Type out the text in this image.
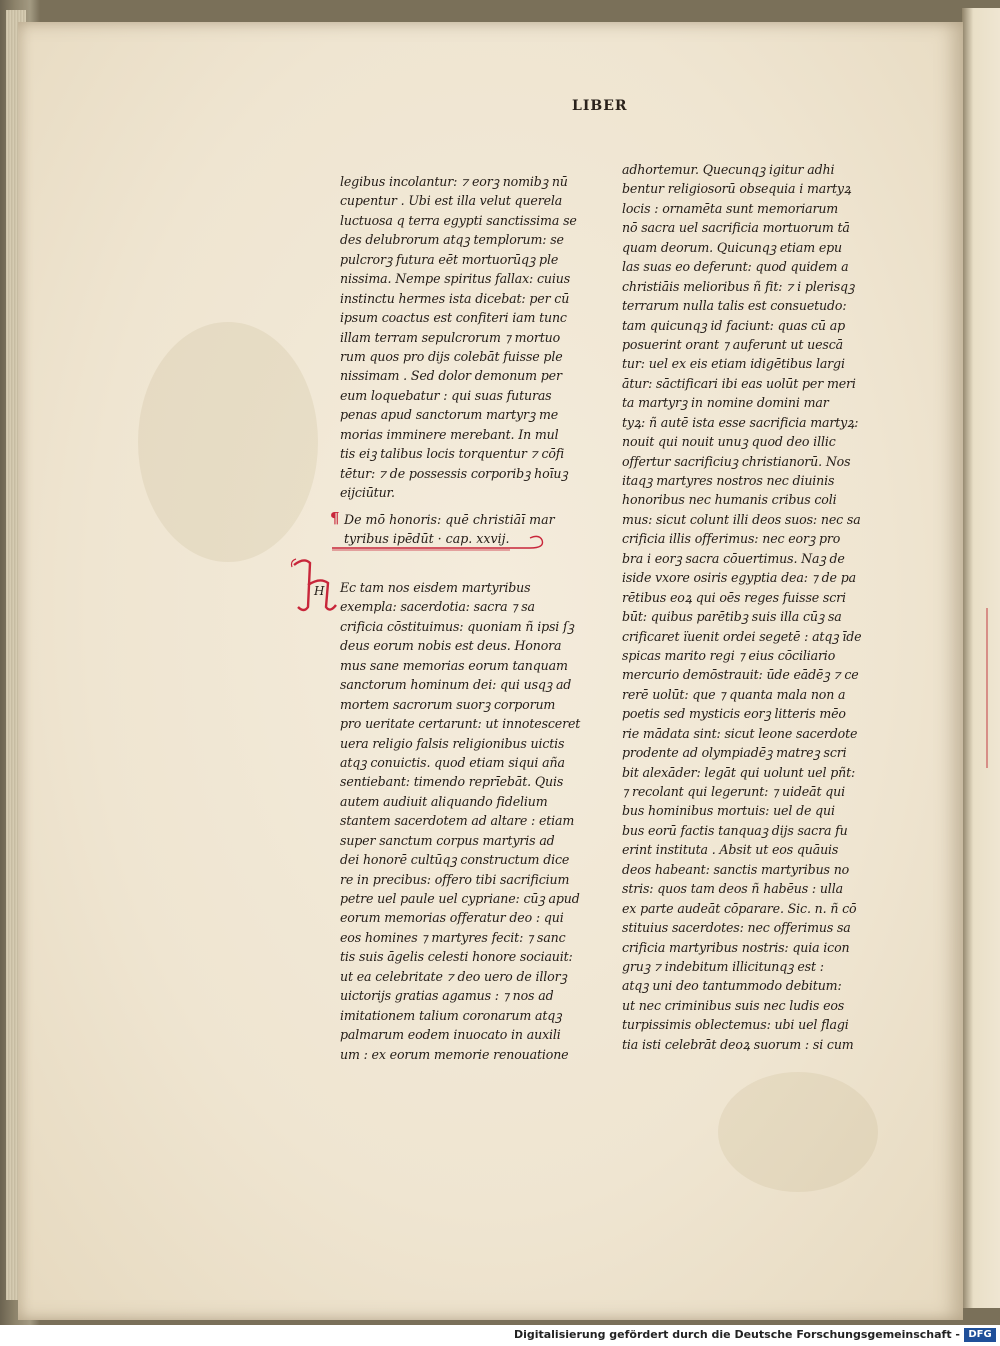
LIBER
legibus incolantur: ⁊ eorꝫ nomibꝫ nū
cupentur . Ubi est illa velut querela
luctuosa q terra egypti sanctissima se
des delubrorum atqꝫ templorum: se
pulcrorꝫ futura eēt mortuorūqꝫ ple
nissima. Nempe spiritus fallax: cuius
instinctu hermes ista dicebat: per cū
ipsum coactus est confiteri iam tunc
illam terram sepulcrorum ⁊ mortuo
rum quos pro dijs colebāt fuisse ple
nissimam . Sed dolor demonum per
eum loquebatur : qui suas futuras
penas apud sanctorum martyrꝫ me
morias imminere merebant. In mul
tis eiꝫ talibus locis torquentur ⁊ cōfi
tētur: ⁊ de possessis corporibꝫ hoīuꝫ
eijciūtur.
¶ De mō honoris: quē christiāī mar
tyribus ipēdūt · cap. xxvij.
H Ec tam nos eisdem martyribus
exempla: sacerdotia: sacra ⁊ sa
crificia cōstituimus: quoniam ñ ipsi ſꝫ
deus eorum nobis est deus. Honora
mus sane memorias eorum tanquam
sanctorum hominum dei: qui usqꝫ ad
mortem sacrorum suorꝫ corporum
pro ueritate certarunt: ut innotesceret
uera religio falsis religionibus uictis
atqꝫ conuictis. quod etiam siqui aña
sentiebant: timendo reprīebāt. Quis
autem audiuit aliquando fidelium
stantem sacerdotem ad altare : etiam
super sanctum corpus martyris ad
dei honorē cultūqꝫ constructum dice
re in precibus: offero tibi sacrificium
petre uel paule uel cypriane: cūꝫ apud
eorum memorias offeratur deo : qui
eos homines ⁊ martyres fecit: ⁊ sanc
tis suis āgelis celesti honore sociauit:
ut ea celebritate ⁊ deo uero de illorꝫ
uictorijs gratias agamus : ⁊ nos ad
imitationem talium coronarum atqꝫ
palmarum eodem inuocato in auxili
um : ex eorum memorie renouatione
adhortemur. Quecunqꝫ igitur adhi
bentur religiosorū obsequia i martyꝝ
locis : ornamēta sunt memoriarum
nō sacra uel sacrificia mortuorum tā
quam deorum. Quicunqꝫ etiam epu
las suas eo deferunt: quod quidem a
christiāis melioribus ñ fit: ⁊ i plerisqꝫ
terrarum nulla talis est consuetudo:
tam quicunqꝫ id faciunt: quas cū ap
posuerint orant ⁊ auferunt ut uescā
tur: uel ex eis etiam idigētibus largi
ātur: sāctificari ibi eas uolūt per meri
ta martyrꝫ in nomine domini mar
tyꝝ: ñ autē ista esse sacrificia martyꝝ:
nouit qui nouit unuꝫ quod deo illic
offertur sacrificiuꝫ christianorū. Nos
itaqꝫ martyres nostros nec diuinis
honoribus nec humanis cribus coli
mus: sicut colunt illi deos suos: nec sa
crificia illis offerimus: nec eorꝫ pro
bra i eorꝫ sacra cōuertimus. Naꝫ de
iside vxore osiris egyptia dea: ⁊ de pa
rētibus eoꝝ qui oēs reges fuisse scri
būt: quibus parētibꝫ suis illa cūꝫ sa
crificaret ïuenit ordei segetē : atqꝫ īde
spicas marito regi ⁊ eius cōciliario
mercurio demōstrauit: ūde eādēꝫ ⁊ ce
rerē uolūt: que ⁊ quanta mala non a
poetis sed mysticis eorꝫ litteris mēo
rie mādata sint: sicut leone sacerdote
prodente ad olympiadēꝫ matreꝫ scri
bit alexāder: legāt qui uolunt uel pñt:
⁊ recolant qui legerunt: ⁊ uideāt qui
bus hominibus mortuis: uel de qui
bus eorū factis tanquaꝫ dijs sacra fu
erint instituta . Absit ut eos quāuis
deos habeant: sanctis martyribus no
stris: quos tam deos ñ habēus : ulla
ex parte audeāt cōparare. Sic. n. ñ cō
stituius sacerdotes: nec offerimus sa
crificia martyribus nostris: quia icon
gruꝫ ⁊ indebitum illicitunqꝫ est :
atqꝫ uni deo tantummodo debitum:
ut nec criminibus suis nec ludis eos
turpissimis oblectemus: ubi uel flagi
tia isti celebrāt deoꝝ suorum : si cum
Digitalisierung gefördert durch die Deutsche Forschungsgemeinschaft - DFG
